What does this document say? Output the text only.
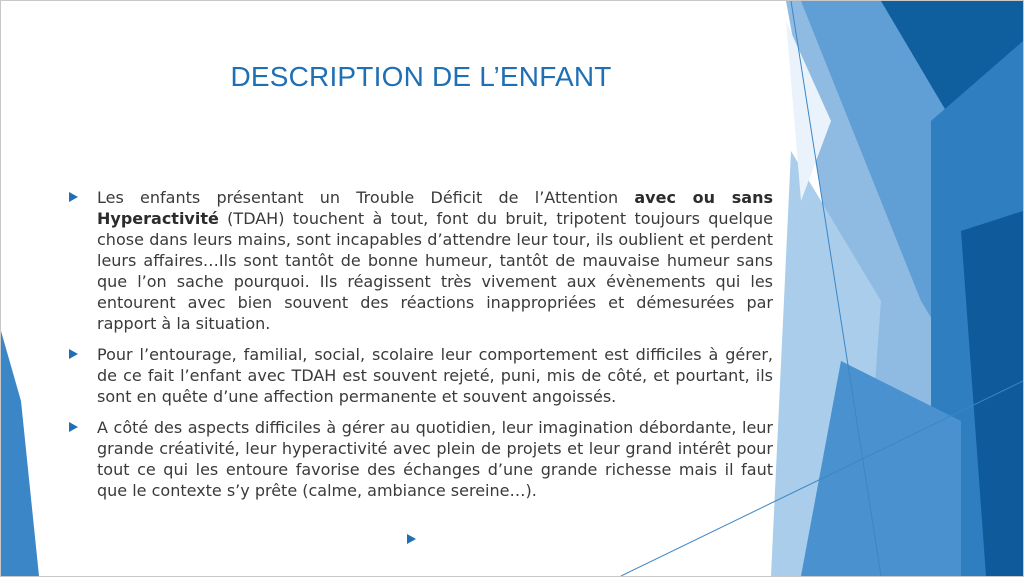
DESCRIPTION DE L’ENFANT
Les enfants présentant un Trouble Déficit de l’Attention avec ou sans Hyperactivité (TDAH) touchent à tout, font du bruit, tripotent toujours quelque chose dans leurs mains, sont incapables d’attendre leur tour, ils oublient et perdent leurs affaires…Ils sont tantôt de bonne humeur, tantôt de mauvaise humeur sans que l’on sache pourquoi. Ils réagissent très vivement aux évènements qui les entourent avec bien souvent des réactions inappropriées et démesurées par rapport à la situation.
Pour l’entourage, familial, social, scolaire leur comportement est difficiles à gérer, de ce fait l’enfant avec TDAH est souvent rejeté, puni, mis de côté, et pourtant, ils sont en quête d’une affection permanente et souvent angoissés.
A côté des aspects difficiles à gérer au quotidien, leur imagination débordante, leur grande créativité, leur hyperactivité avec plein de projets et leur grand intérêt pour tout ce qui les entoure favorise des échanges d’une grande richesse mais il faut que le contexte s’y prête (calme, ambiance sereine…).
